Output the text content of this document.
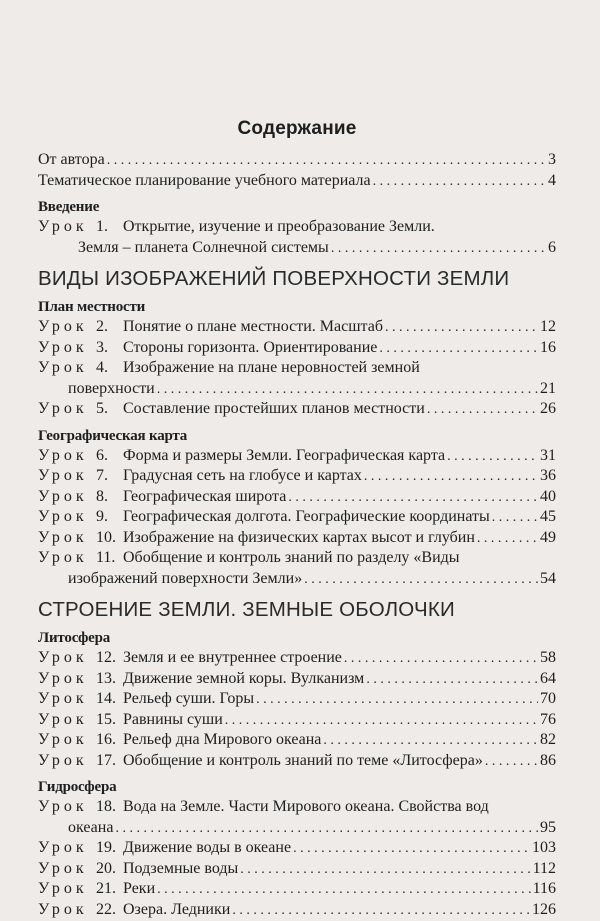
Содержание
От автора . . .	3
Тематическое планирование учебного материала . . .	4
Введение
Урок 1. Открытие, изучение и преобразование Земли.
Земля – планета Солнечной системы . . .	6
ВИДЫ ИЗОБРАЖЕНИЙ ПОВЕРХНОСТИ ЗЕМЛИ
План местности
Урок 2. Понятие о плане местности. Масштаб . . .	12
Урок 3. Стороны горизонта. Ориентирование . . .	16
Урок 4. Изображение на плане неровностей земной
поверхности . . .	21
Урок 5. Составление простейших планов местности . . .	26
Географическая карта
Урок 6. Форма и размеры Земли. Географическая карта . . .	31
Урок 7. Градусная сеть на глобусе и картах . . .	36
Урок 8. Географическая широта . . .	40
Урок 9. Географическая долгота. Географические координаты . . .	45
Урок 10. Изображение на физических картах высот и глубин . . .	49
Урок 11. Обобщение и контроль знаний по разделу «Виды
изображений поверхности Земли» . . .	54
СТРОЕНИЕ ЗЕМЛИ. ЗЕМНЫЕ ОБОЛОЧКИ
Литосфера
Урок 12. Земля и ее внутреннее строение . . .	58
Урок 13. Движение земной коры. Вулканизм . . .	64
Урок 14. Рельеф суши. Горы . . .	70
Урок 15. Равнины суши . . .	76
Урок 16. Рельеф дна Мирового океана . . .	82
Урок 17. Обобщение и контроль знаний по теме «Литосфера» . . .	86
Гидросфера
Урок 18. Вода на Земле. Части Мирового океана. Свойства вод
океана . . .	95
Урок 19. Движение воды в океане . . .	103
Урок 20. Подземные воды . . .	112
Урок 21. Реки . . .	116
Урок 22. Озера. Ледники . . .	126
